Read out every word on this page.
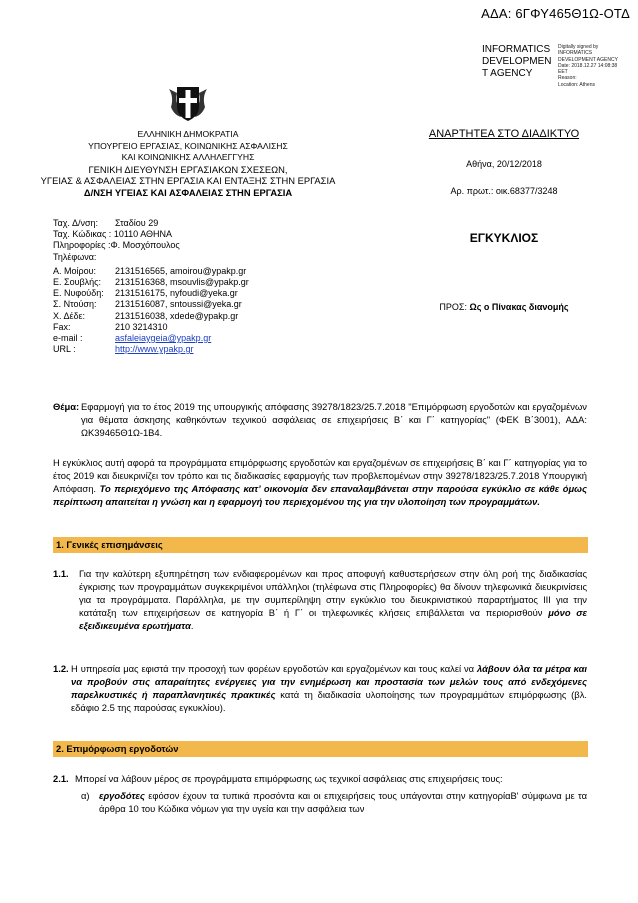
ΑΔΑ: 6ΓΦΥ465Θ1Ω-ΟΤΔ
INFORMATICS
DEVELOPMEN
T AGENCY
Digitally signed by
INFORMATICS
DEVELOPMENT AGENCY
Date: 2018.12.27 14:08:38
EET
Reason:
Location: Athens
ΕΛΛΗΝΙΚΗ ΔΗΜΟΚΡΑΤΙΑ
ΥΠΟΥΡΓΕΙΟ ΕΡΓΑΣΙΑΣ, ΚΟΙΝΩΝΙΚΗΣ ΑΣΦΑΛΙΣΗΣ
ΚΑΙ ΚΟΙΝΩΝΙΚΗΣ ΑΛΛΗΛΕΓΓΥΗΣ
ΓΕΝΙΚΗ ΔΙΕΥΘΥΝΣΗ ΕΡΓΑΣΙΑΚΩΝ ΣΧΕΣΕΩΝ,
ΥΓΕΙΑΣ & ΑΣΦΑΛΕΙΑΣ ΣΤΗΝ ΕΡΓΑΣΙΑ ΚΑΙ ΕΝΤΑΞΗΣ ΣΤΗΝ ΕΡΓΑΣΙΑ
Δ/ΝΣΗ ΥΓΕΙΑΣ ΚΑΙ ΑΣΦΑΛΕΙΑΣ ΣΤΗΝ ΕΡΓΑΣΙΑ
ΑΝΑΡΤΗΤΕΑ ΣΤΟ ΔΙΑΔΙΚΤΥΟ
Αθήνα, 20/12/2018
Αρ. πρωτ.: οικ.68377/3248
ΕΓΚΥΚΛΙΟΣ
ΠΡΟΣ: Ως ο Πίνακας διανομής
Ταχ. Δ/νση: Σταδίου 29
Ταχ. Κώδικας : 10110 ΑΘΗΝΑ
Πληροφορίες :Φ. Μοσχόπουλος
Τηλέφωνα:
Α. Μοίρου: 2131516565, amoirou@ypakp.gr
Ε. Σουβλής: 2131516368, msouvlis@ypakp.gr
Ε. Νυφούδη: 2131516175, nyfoudi@yeka.gr
Σ. Ντούση: 2131516087, sntoussi@yeka.gr
Χ. Δέδε:	2131516038, xdede@ypakp.gr
Fax:	210 3214310
e-mail :	asfaleiaygeia@ypakp.gr
URL :	http://www.ypakp.gr
Θέμα: Εφαρμογή για το έτος 2019 της υπουργικής απόφασης 39278/1823/25.7.2018 "Επιμόρφωση εργοδοτών και εργαζομένων για θέματα άσκησης καθηκόντων τεχνικού ασφάλειας σε επιχειρήσεις Β΄ και Γ΄ κατηγορίας" (ΦΕΚ Β΄3001), ΑΔΑ: ΩΚ39465Θ1Ω-1Β4.
Η εγκύκλιος αυτή αφορά τα προγράμματα επιμόρφωσης εργοδοτών και εργαζομένων σε επιχειρήσεις Β΄ και Γ΄ κατηγορίας για το έτος 2019 και διευκρινίζει τον τρόπο και τις διαδικασίες εφαρμογής των προβλεπομένων στην 39278/1823/25.7.2018 Υπουργική Απόφαση. Το περιεχόμενο της Απόφασης κατ’ οικονομία δεν επαναλαμβάνεται στην παρούσα εγκύκλιο σε κάθε όμως περίπτωση απαιτείται η γνώση και η εφαρμογή του περιεχομένου της για την υλοποίηση των προγραμμάτων.
1. Γενικές επισημάνσεις
1.1.	Για την καλύτερη εξυπηρέτηση των ενδιαφερομένων και προς αποφυγή καθυστερήσεων στην όλη ροή της διαδικασίας έγκρισης των προγραμμάτων συγκεκριμένοι υπάλληλοι (τηλέφωνα στις Πληροφορίες) θα δίνουν τηλεφωνικά διευκρινίσεις για τα προγράμματα. Παράλληλα, με την συμπερίληψη στην εγκύκλιο του διευκρινιστικού παραρτήματος ΙΙΙ για την κατάταξη των επιχειρήσεων σε κατηγορία Β΄ ή Γ΄ οι τηλεφωνικές κλήσεις επιβάλλεται να περιορισθούν μόνο σε εξειδικευμένα ερωτήματα.
1.2. Η υπηρεσία μας εφιστά την προσοχή των φορέων εργοδοτών και εργαζομένων και τους καλεί να λάβουν όλα τα μέτρα και να προβούν στις απαραίτητες ενέργειες για την ενημέρωση και προστασία των μελών τους από ενδεχόμενες παρελκυστικές ή παραπλανητικές πρακτικές κατά τη διαδικασία υλοποίησης των προγραμμάτων επιμόρφωσης (βλ. εδάφιο 2.5 της παρούσας εγκυκλίου).
2. Επιμόρφωση εργοδοτών
2.1. Μπορεί να λάβουν μέρος σε προγράμματα επιμόρφωσης ως τεχνικοί ασφάλειας στις επιχειρήσεις τους:
α)	εργοδότες εφόσον έχουν τα τυπικά προσόντα και οι επιχειρήσεις τους υπάγονται στην κατηγορίαΒ' σύμφωνα με τα άρθρα 10 του Κώδικα νόμων για την υγεία και την ασφάλεια των
